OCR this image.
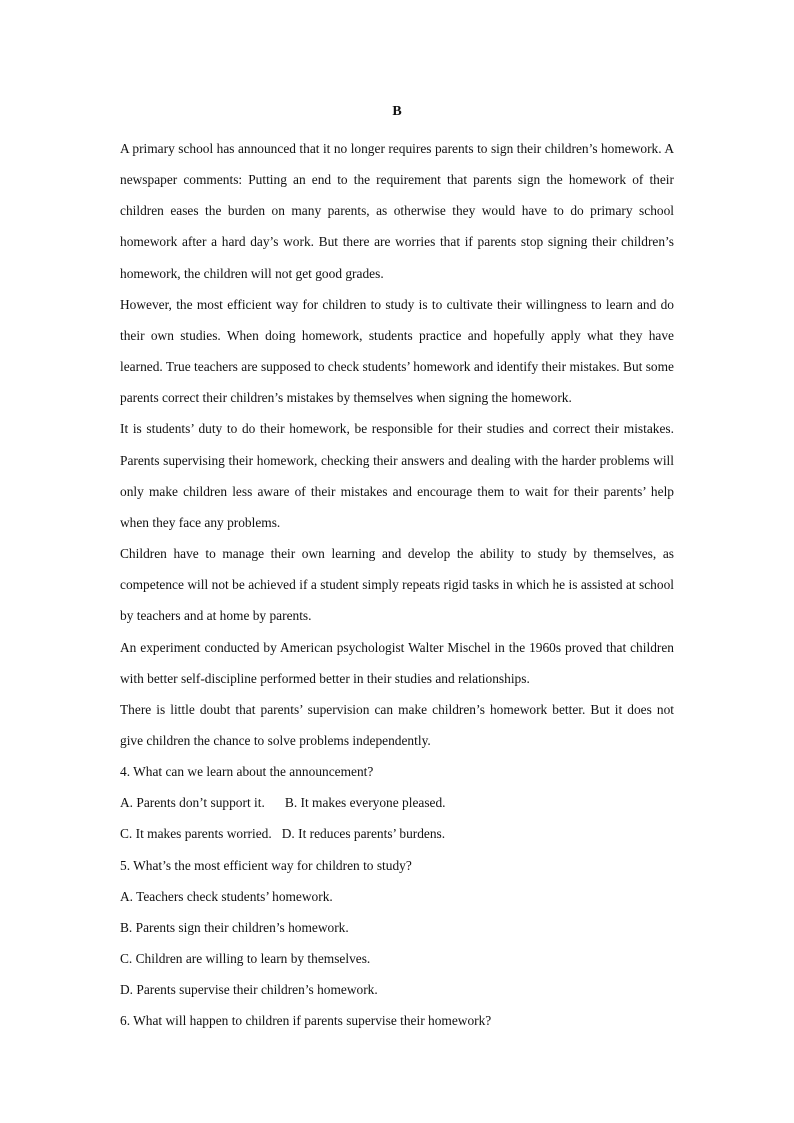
B

A primary school has announced that it no longer requires parents to sign their children’s homework. A newspaper comments: Putting an end to the requirement that parents sign the homework of their children eases the burden on many parents, as otherwise they would have to do primary school homework after a hard day’s work. But there are worries that if parents stop signing their children’s homework, the children will not get good grades.

However, the most efficient way for children to study is to cultivate their willingness to learn and do their own studies. When doing homework, students practice and hopefully apply what they have learned. True teachers are supposed to check students’ homework and identify their mistakes. But some parents correct their children’s mistakes by themselves when signing the homework.

It is students’ duty to do their homework, be responsible for their studies and correct their mistakes. Parents supervising their homework, checking their answers and dealing with the harder problems will only make children less aware of their mistakes and encourage them to wait for their parents’ help when they face any problems.

Children have to manage their own learning and develop the ability to study by themselves, as competence will not be achieved if a student simply repeats rigid tasks in which he is assisted at school by teachers and at home by parents.

An experiment conducted by American psychologist Walter Mischel in the 1960s proved that children with better self-discipline performed better in their studies and relationships.

There is little doubt that parents’ supervision can make children’s homework better. But it does not give children the chance to solve problems independently.

4. What can we learn about the announcement?

A. Parents don’t support it.      B. It makes everyone pleased.

C. It makes parents worried.   D. It reduces parents’ burdens.

5. What’s the most efficient way for children to study?

A. Teachers check students’ homework.

B. Parents sign their children’s homework.

C. Children are willing to learn by themselves.

D. Parents supervise their children’s homework.

6. What will happen to children if parents supervise their homework?
